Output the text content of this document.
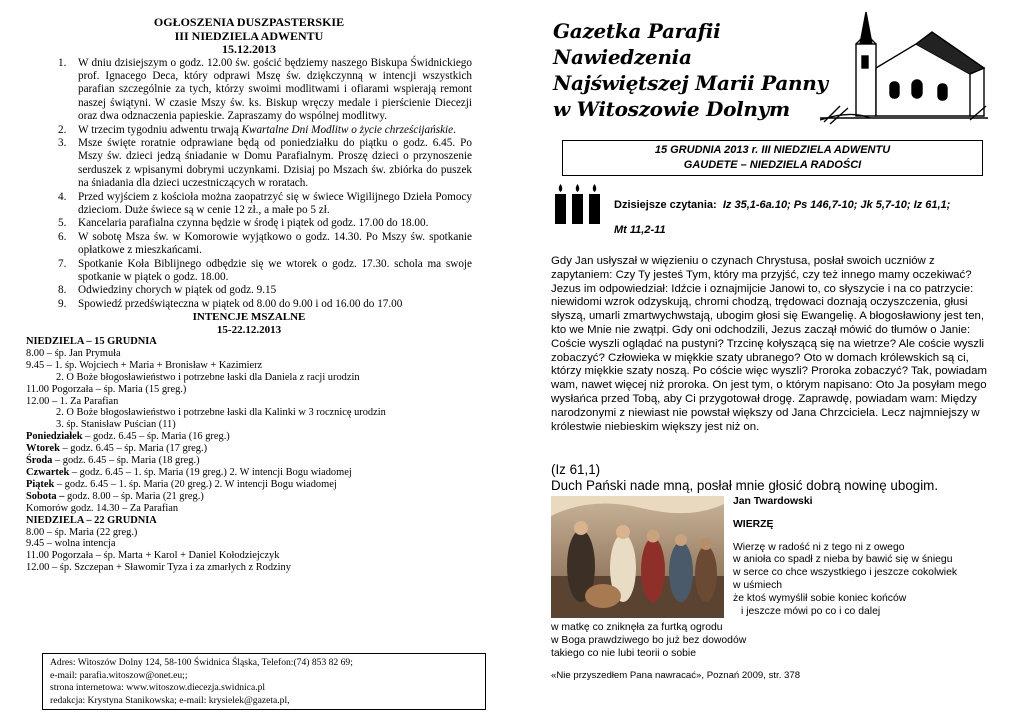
OGŁOSZENIA DUSZPASTERSKIE
III NIEDZIELA ADWENTU
15.12.2013
1. W dniu dzisiejszym o godz. 12.00 św. gościć będziemy naszego Biskupa Świdnickiego prof. Ignacego Deca, który odprawi Mszę św. dziękczynną w intencji wszystkich parafian szczególnie za tych, którzy swoimi modlitwami i ofiarami wspierają remont naszej świątyni. W czasie Mszy św. ks. Biskup wręczy medale i pierścienie Diecezji oraz dwa odznaczenia papieskie. Zapraszamy do wspólnej modlitwy.
2. W trzecim tygodniu adwentu trwają Kwartalne Dni Modlitw o życie chrześcijańskie.
3. Msze święte roratnie odprawiane będą od poniedziałku do piątku o godz. 6.45. Po Mszy św. dzieci jedzą śniadanie w Domu Parafialnym. Proszę dzieci o przynoszenie serduszek z wpisanymi dobrymi uczynkami. Dzisiaj po Mszach św. zbiórka do puszek na śniadania dla dzieci uczestniczących w roratach.
4. Przed wyjściem z kościoła można zaopatrzyć się w świece Wigilijnego Dzieła Pomocy dzieciom. Duże świece są w cenie 12 zł., a małe po 5 zł.
5. Kancelaria parafialna czynna będzie w środę i piątek od godz. 17.00 do 18.00.
6. W sobotę Msza św. w Komorowie wyjątkowo o godz. 14.30. Po Mszy św. spotkanie opłatkowe z mieszkańcami.
7. Spotkanie Koła Biblijnego odbędzie się we wtorek o godz. 17.30. schola ma swoje spotkanie w piątek o godz. 18.00.
8. Odwiedziny chorych w piątek od godz. 9.15
9. Spowiedź przedświąteczna w piątek od 8.00 do 9.00 i od 16.00 do 17.00
INTENCJE MSZALNE
15-22.12.2013
NIEDZIELA – 15 GRUDNIA
8.00 – śp. Jan Prymuła
9.45 – 1. śp. Wojciech + Maria + Bronisław + Kazimierz
2. O Boże błogosławieństwo i potrzebne łaski dla Daniela z racji urodzin
11.00 Pogorzała – śp. Maria (15 greg.)
12.00 – 1. Za Parafian
2. O Boże błogosławieństwo i potrzebne łaski dla Kalinki w 3 rocznicę urodzin
3. śp. Stanisław Puścian (11)
Poniedziałek – godz. 6.45 – śp. Maria (16 greg.)
Wtorek – godz. 6.45 – śp. Maria (17 greg.)
Środa – godz. 6.45 – śp. Maria (18 greg.)
Czwartek – godz. 6.45 – 1. śp. Maria (19 greg.) 2. W intencji Bogu wiadomej
Piątek – godz. 6.45 – 1. śp. Maria (20 greg.) 2. W intencji Bogu wiadomej
Sobota – godz. 8.00 – śp. Maria (21 greg.)
Komorów godz. 14.30 – Za Parafian
NIEDZIELA – 22 GRUDNIA
8.00 – śp. Maria (22 greg.)
9.45 – wolna intencja
11.00 Pogorzała – śp. Marta + Karol + Daniel Kołodziejczyk
12.00 – śp. Szczepan + Sławomir Tyza i za zmarłych z Rodziny
Adres: Witoszów Dolny 124, 58-100 Świdnica Śląska, Telefon:(74) 853 82 69;
e-mail: parafia.witoszow@onet.eu;;
strona internetowa: www.witoszow.diecezja.swidnica.pl
redakcja: Krystyna Stanikowska; e-mail: krysielek@gazeta.pl,
Gazetka Parafii
Nawiedzenia
Najświętszej Marii Panny
w Witoszowie Dolnym
15 GRUDNIA 2013 r. III NIEDZIELA ADWENTU
GAUDETE – NIEDZIELA RADOŚCI
Dzisiejsze czytania: Iz 35,1-6a.10; Ps 146,7-10; Jk 5,7-10; Iz 61,1;
Mt 11,2-11
Gdy Jan usłyszał w więzieniu o czynach Chrystusa, posłał swoich uczniów z zapytaniem: Czy Ty jesteś Tym, który ma przyjść, czy też innego mamy oczekiwać? Jezus im odpowiedział: Idźcie i oznajmijcie Janowi to, co słyszycie i na co patrzycie: niewidomi wzrok odzyskują, chromi chodzą, trędowaci doznają oczyszczenia, głusi słyszą, umarli zmartwychwstają, ubogim głosi się Ewangelię. A błogosławiony jest ten, kto we Mnie nie zwątpi. Gdy oni odchodzili, Jezus zaczął mówić do tłumów o Janie: Coście wyszli oglądać na pustyni? Trzcinę kołyszącą się na wietrze? Ale coście wyszli zobaczyć? Człowieka w miękkie szaty ubranego? Oto w domach królewskich są ci, którzy miękkie szaty noszą. Po cóście więc wyszli? Proroka zobaczyć? Tak, powiadam wam, nawet więcej niż proroka. On jest tym, o którym napisano: Oto Ja posyłam mego wysłańca przed Tobą, aby Ci przygotował drogę. Zaprawdę, powiadam wam: Między narodzonymi z niewiast nie powstał większy od Jana Chrzciciela. Lecz najmniejszy w królestwie niebieskim większy jest niż on.
(Iz 61,1)
Duch Pański nade mną, posłał mnie głosić dobrą nowinę ubogim.
Jan Twardowski
WIERZĘ
Wierzę w radość ni z tego ni z owego
w anioła co spadł z nieba by bawić się w śniegu
w serce co chce wszystkiego i jeszcze cokolwiek
w uśmiech
że ktoś wymyślił sobie koniec końców
i jeszcze mówi po co i co dalej
w matkę co zniknęła za furtką ogrodu
w Boga prawdziwego bo już bez dowodów
takiego co nie lubi teorii o sobie
«Nie przyszedłem Pana nawracać», Poznań 2009, str. 378
